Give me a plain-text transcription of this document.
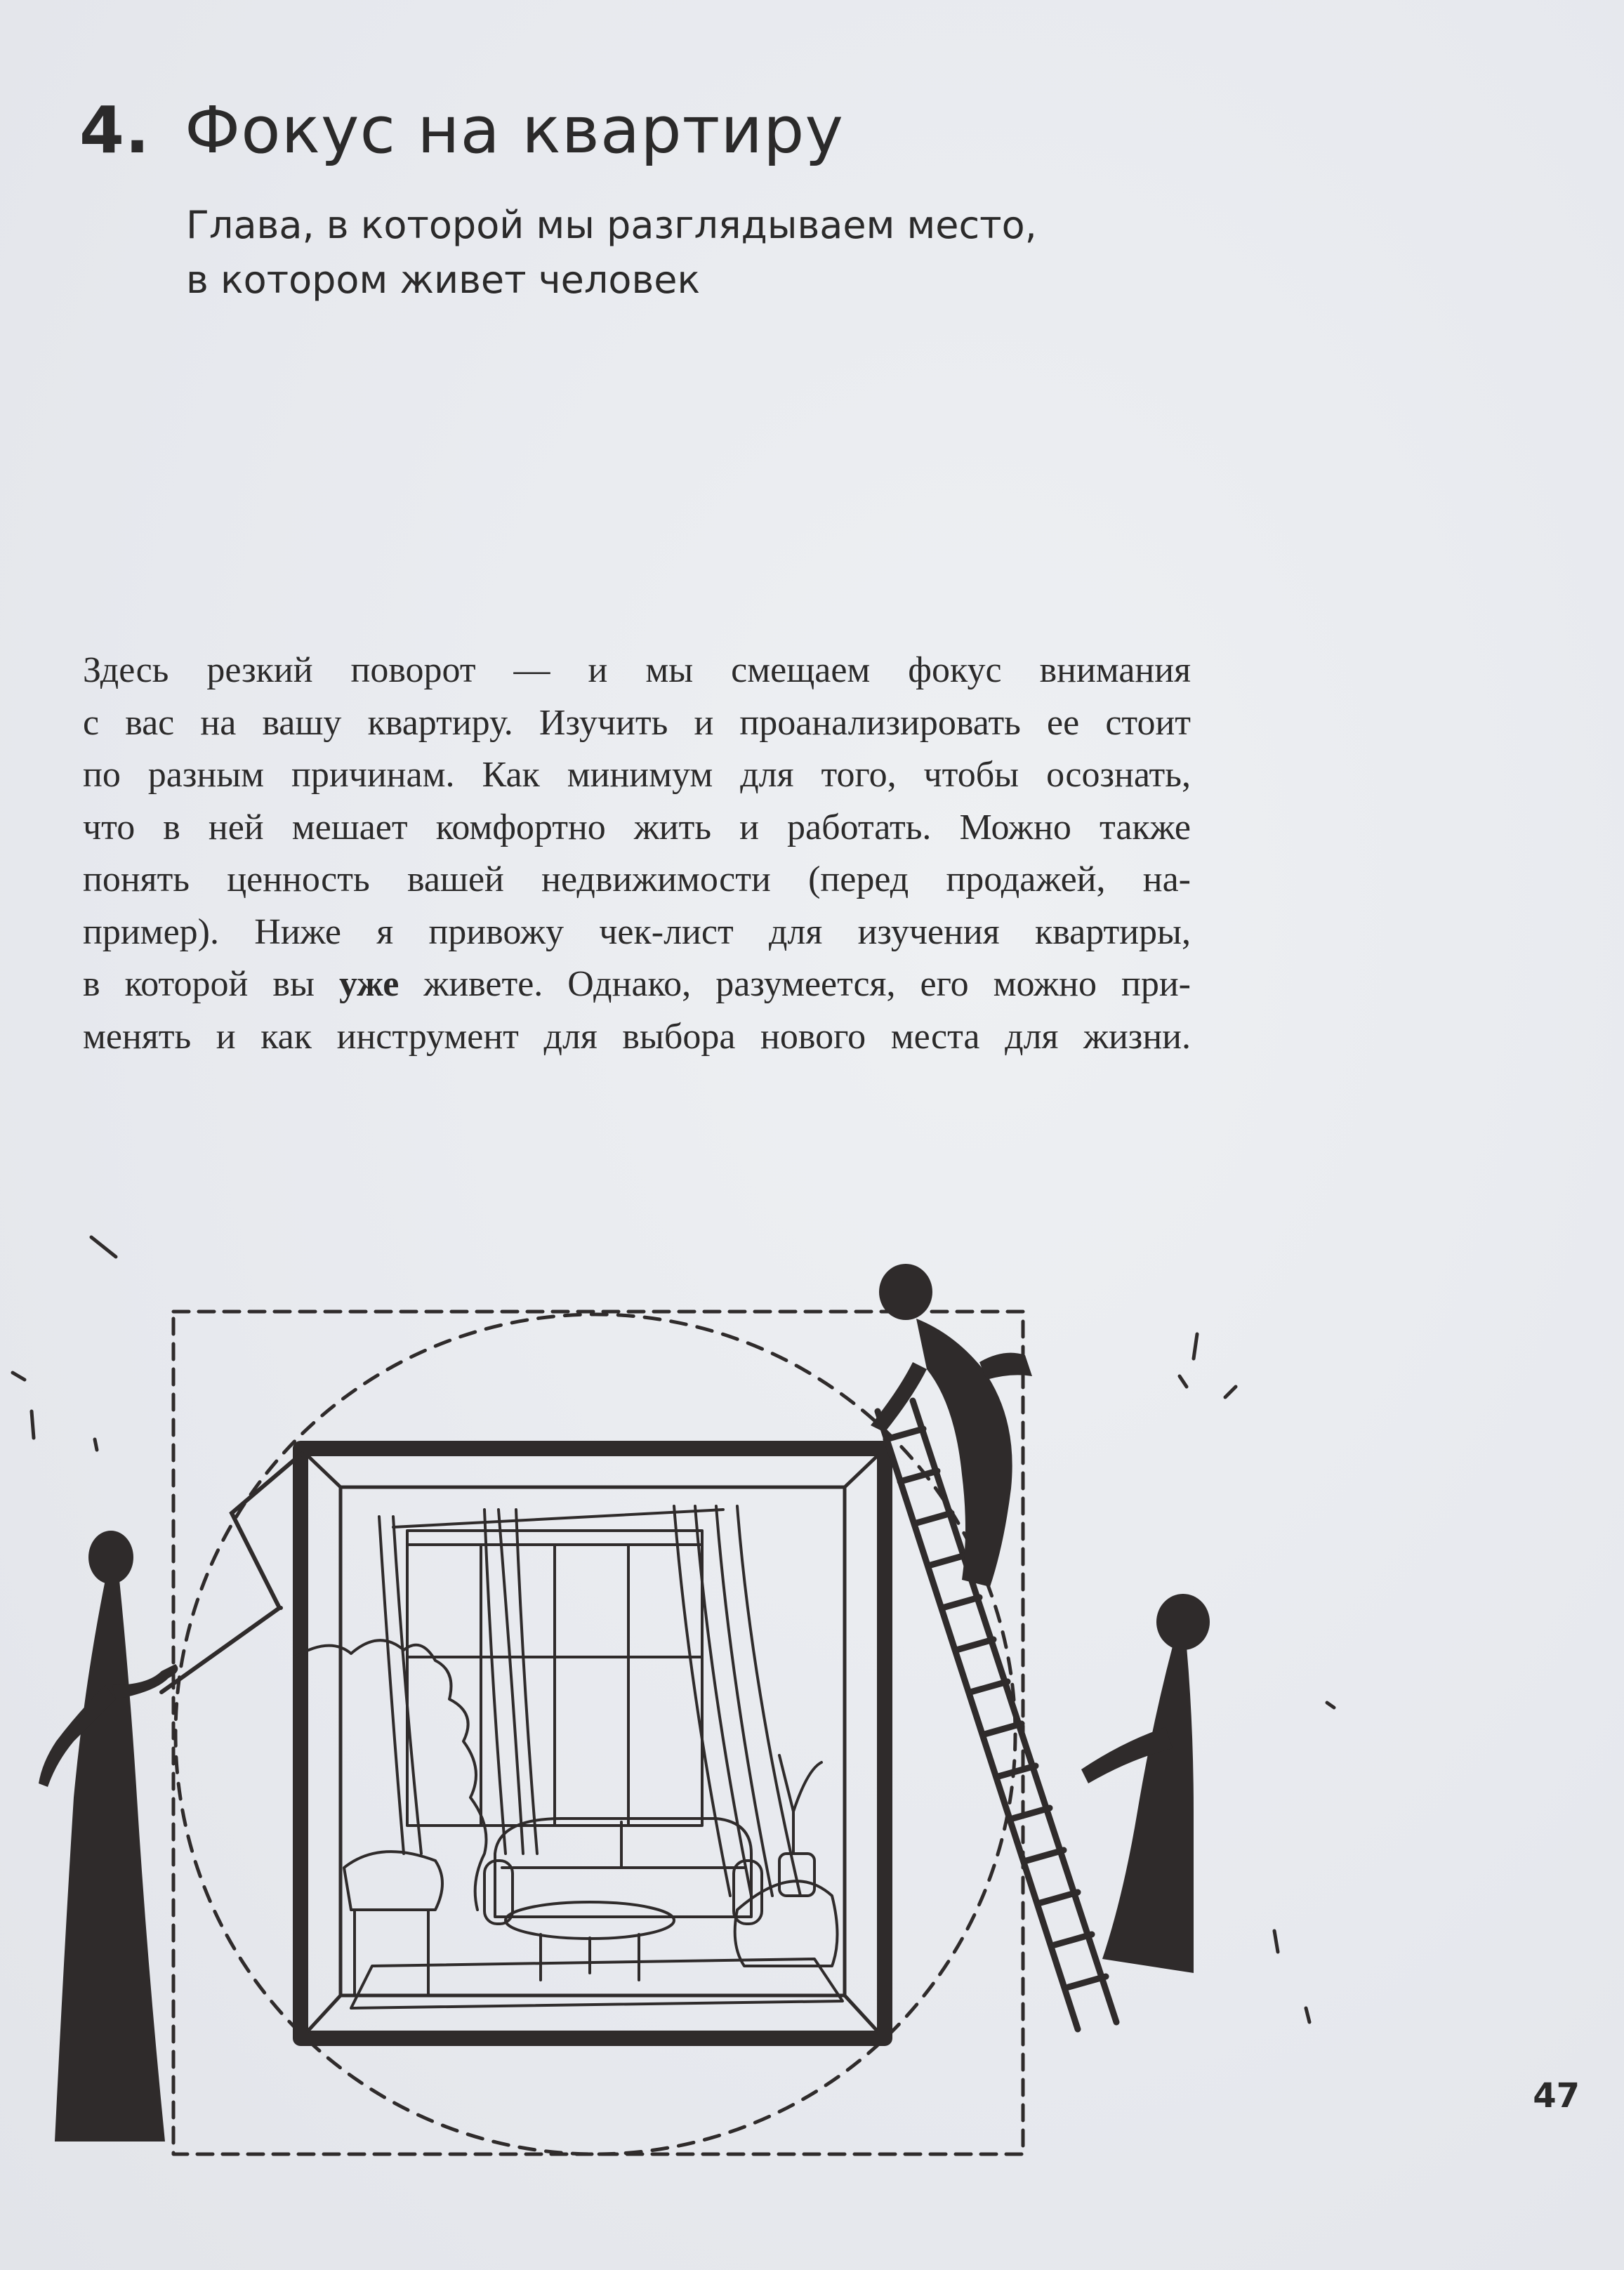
4. Фокус на квартиру
Глава, в которой мы разглядываем место,
в котором живет человек
Здесь резкий поворот — и мы смещаем фокус внимания
с вас на вашу квартиру. Изучить и проанализировать ее стоит
по разным причинам. Как минимум для того, чтобы осознать,
что в ней мешает комфортно жить и работать. Можно также
понять ценность вашей недвижимости (перед продажей, на-
пример). Ниже я привожу чек-лист для изучения квартиры,
в которой вы уже живете. Однако, разумеется, его можно при-
менять и как инструмент для выбора нового места для жизни.
47
